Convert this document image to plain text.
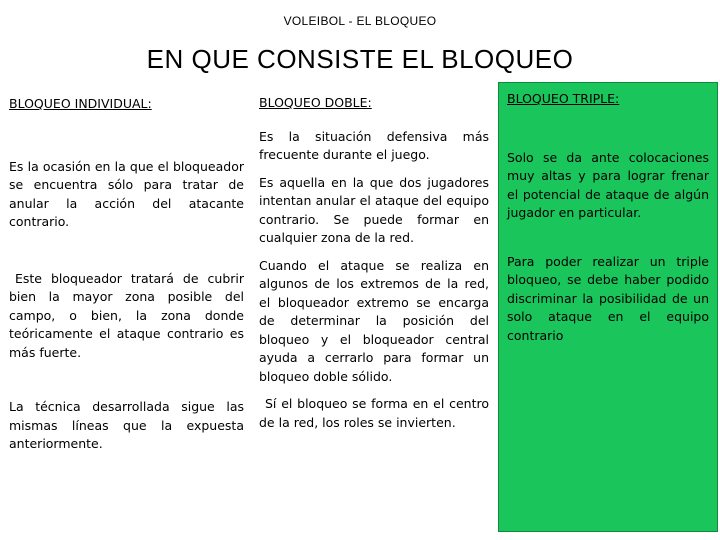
VOLEIBOL - EL BLOQUEO
EN QUE CONSISTE EL BLOQUEO

BLOQUEO INDIVIDUAL:

Es la ocasión en la que el bloqueador se encuentra sólo para tratar de anular la acción del atacante contrario.

Este bloqueador tratará de cubrir bien la mayor zona posible del campo, o bien, la zona donde teóricamente el ataque contrario es más fuerte.

La técnica desarrollada sigue las mismas líneas que la expuesta anteriormente.

BLOQUEO DOBLE:

Es la situación defensiva más frecuente durante el juego.

Es aquella en la que dos jugadores intentan anular el ataque del equipo contrario. Se puede formar en cualquier zona de la red.

Cuando el ataque se realiza en algunos de los extremos de la red, el bloqueador extremo se encarga de determinar la posición del bloqueo y el bloqueador central ayuda a cerrarlo para formar un bloqueo doble sólido.

Sí el bloqueo se forma en el centro de la red, los roles se invierten.

BLOQUEO TRIPLE:

Solo se da ante colocaciones muy altas y para lograr frenar el potencial de ataque de algún jugador en particular.

Para poder realizar un triple bloqueo, se debe haber podido discriminar la posibilidad de un solo ataque en el equipo contrario
